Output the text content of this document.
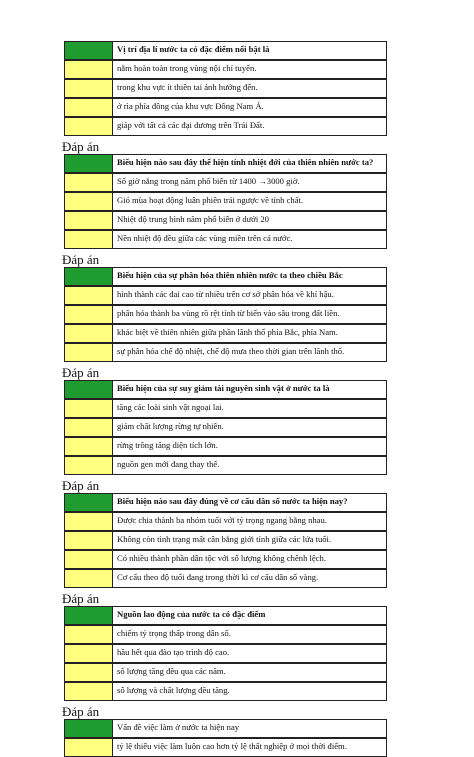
Vị trí địa lí nước ta có đặc điểm nổi bật là
nằm hoàn toàn trong vùng nội chí tuyến.
trong khu vực ít thiên tai ảnh hưởng đến.
ở rìa phía đông của khu vực Đông Nam Á.
giáp với tất cả các đại dương trên Trái Đất.
Đáp án
Biểu hiện nào sau đây thể hiện tính nhiệt đới của thiên nhiên nước ta?
Số giờ nắng trong năm phổ biến từ 1400 →3000 giờ.
Gió mùa hoạt động luân phiên trái ngược về tính chất.
Nhiệt độ trung bình năm phổ biến ở dưới 20
Nền nhiệt độ đều giữa các vùng miền trên cả nước.
Đáp án
Biểu hiện của sự phân hóa thiên nhiên nước ta theo chiều Bắc
hình thành các đai cao từ nhiều trên cơ sở phân hóa về khí hậu.
phân hóa thành ba vùng rõ rệt tính từ biển vào sâu trong đất liền.
khác biệt về thiên nhiên giữa phần lãnh thổ phía Bắc, phía Nam.
sự phân hóa chế độ nhiệt, chế độ mưa theo thời gian trên lãnh thổ.
Đáp án
Biểu hiện của sự suy giảm tài nguyên sinh vật ở nước ta là
tăng các loài sinh vật ngoại lai.
giảm chất lượng rừng tự nhiên.
rừng trồng tăng diện tích lớn.
nguồn gen mới đang thay thế.
Đáp án
Biểu hiện nào sau đây đúng về cơ cấu dân số nước ta hiện nay?
Được chia thành ba nhóm tuổi với tỷ trọng ngang bằng nhau.
Không còn tình trạng mất cân bằng giới tính giữa các lứa tuổi.
Có nhiều thành phần dân tộc với số lượng không chênh lệch.
Cơ cấu theo độ tuổi đang trong thời kì cơ cấu dân số vàng.
Đáp án
Nguồn lao động của nước ta có đặc điểm
chiếm tỷ trọng thấp trong dân số.
hầu hết qua đào tạo trình độ cao.
số lượng tăng đều qua các năm.
số lượng và chất lượng đều tăng.
Đáp án
Vấn đề việc làm ở nước ta hiện nay
tỷ lệ thiếu việc làm luôn cao hơn tỷ lệ thất nghiệp ở mọi thời điểm.
